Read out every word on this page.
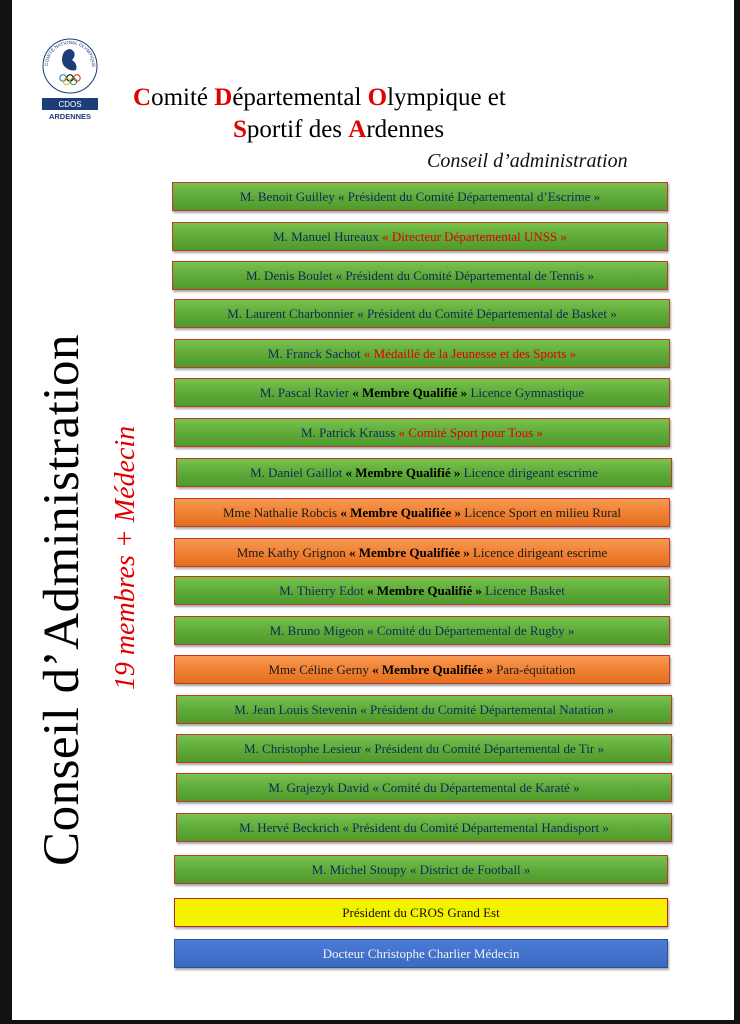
COMITÉ NATIONAL OLYMPIQUE
CDOS
ARDENNES
Comité Départemental Olympique et
Sportif des Ardennes
Conseil d’administration
Conseil d’Administration 19 membres + Médecin
M. Benoit Guilley « Président du Comité Départemental d’Escrime »
M. Manuel Hureaux « Directeur Départemental UNSS »
M. Denis Boulet « Président du Comité Départemental de Tennis »
M. Laurent Charbonnier « Président du Comité Départemental de Basket »
M. Franck Sachot « Médaillé de la Jeunesse et des Sports »
M. Pascal Ravier « Membre Qualifié » Licence Gymnastique
M. Patrick Krauss « Comité Sport pour Tous »
M. Daniel Gaillot « Membre Qualifié » Licence dirigeant escrime
Mme Nathalie Robcis « Membre Qualifiée » Licence Sport en milieu Rural
Mme Kathy Grignon « Membre Qualifiée » Licence dirigeant escrime
M. Thierry Edot « Membre Qualifié » Licence Basket
M. Bruno Migeon « Comité du Départemental de Rugby »
Mme Céline Gerny « Membre Qualifiée » Para-équitation
M. Jean Louis Stevenin « Président du Comité Départemental Natation »
M. Christophe Lesieur « Président du Comité Départemental de Tir »
M. Grajezyk David « Comité du Départemental de Karaté »
M. Hervé Beckrich « Président du Comité Départemental Handisport »
M. Michel Stoupy « District de Football »
Président du CROS Grand Est
Docteur Christophe Charlier Médecin
